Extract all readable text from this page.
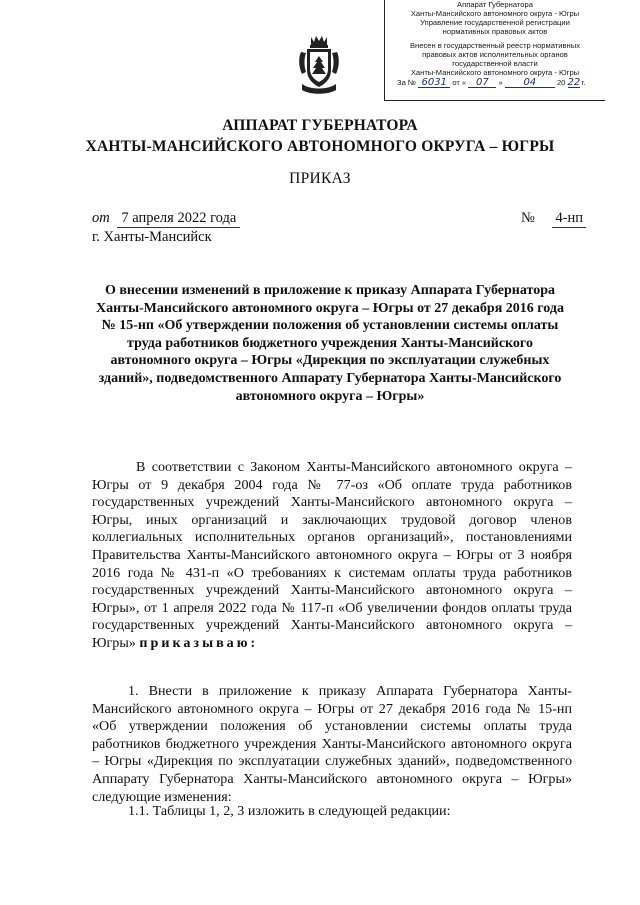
Аппарат Губернатора
Ханты-Мансийского автономного округа - Югры
Управление государственной регистрации
нормативных правовых актов
Внесен в государственный реестр нормативных
правовых актов исполнительных органов
государственной власти
Ханты-Мансийского автономного округа - Югры
За № 6031 от « 07 » 04	20 22 г.
АППАРАТ ГУБЕРНАТОРА
ХАНТЫ-МАНСИЙСКОГО АВТОНОМНОГО ОКРУГА – ЮГРЫ
ПРИКАЗ
от 7 апреля 2022 года	№ 4-нп
г. Ханты-Мансийск
О внесении изменений в приложение к приказу Аппарата Губернатора Ханты-Мансийского автономного округа – Югры от 27 декабря 2016 года № 15-нп «Об утверждении положения об установлении системы оплаты труда работников бюджетного учреждения Ханты-Мансийского автономного округа – Югры «Дирекция по эксплуатации служебных зданий», подведомственного Аппарату Губернатора Ханты-Мансийского автономного округа – Югры»
В соответствии с Законом Ханты-Мансийского автономного округа – Югры от 9 декабря 2004 года № 77-оз «Об оплате труда работников государственных учреждений Ханты-Мансийского автономного округа – Югры, иных организаций и заключающих трудовой договор членов коллегиальных исполнительных органов организаций», постановлениями Правительства Ханты-Мансийского автономного округа – Югры от 3 ноября 2016 года № 431-п «О требованиях к системам оплаты труда работников государственных учреждений Ханты-Мансийского автономного округа – Югры», от 1 апреля 2022 года № 117-п «Об увеличении фондов оплаты труда государственных учреждений Ханты-Мансийского автономного округа – Югры» приказываю:
1. Внести в приложение к приказу Аппарата Губернатора Ханты-Мансийского автономного округа – Югры от 27 декабря 2016 года № 15-нп «Об утверждении положения об установлении системы оплаты труда работников бюджетного учреждения Ханты-Мансийского автономного округа – Югры «Дирекция по эксплуатации служебных зданий», подведомственного Аппарату Губернатора Ханты-Мансийского автономного округа – Югры» следующие изменения:
1.1. Таблицы 1, 2, 3 изложить в следующей редакции:
